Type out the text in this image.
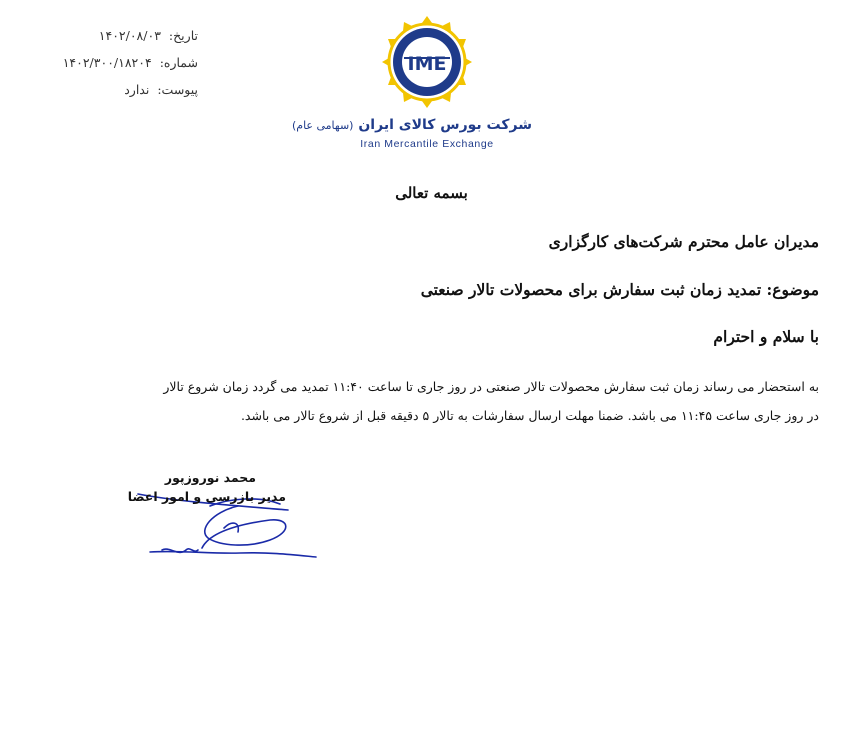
تاریخ: ۱۴۰۲/۰۸/۰۳
شماره: ۱۴۰۲/۳۰۰/۱۸۲۰۴
پیوست: ندارد
IME
شرکت بورس کالای ایران (سهامی عام)
Iran Mercantile Exchange
بسمه تعالی
مدیران عامل محترم شرکت‌های کارگزاری
موضوع: تمدید زمان ثبت سفارش برای محصولات تالار صنعتی
با سلام و احترام
به استحضار می رساند زمان ثبت سفارش محصولات تالار صنعتی در روز جاری تا ساعت ۱۱:۴۰ تمدید می گردد زمان شروع تالار
در روز جاری ساعت ۱۱:۴۵ می باشد. ضمنا مهلت ارسال سفارشات به تالار ۵ دقیقه قبل از شروع تالار می باشد.
محمد نوروزپور
مدیر بازرسی و امور اعضا
